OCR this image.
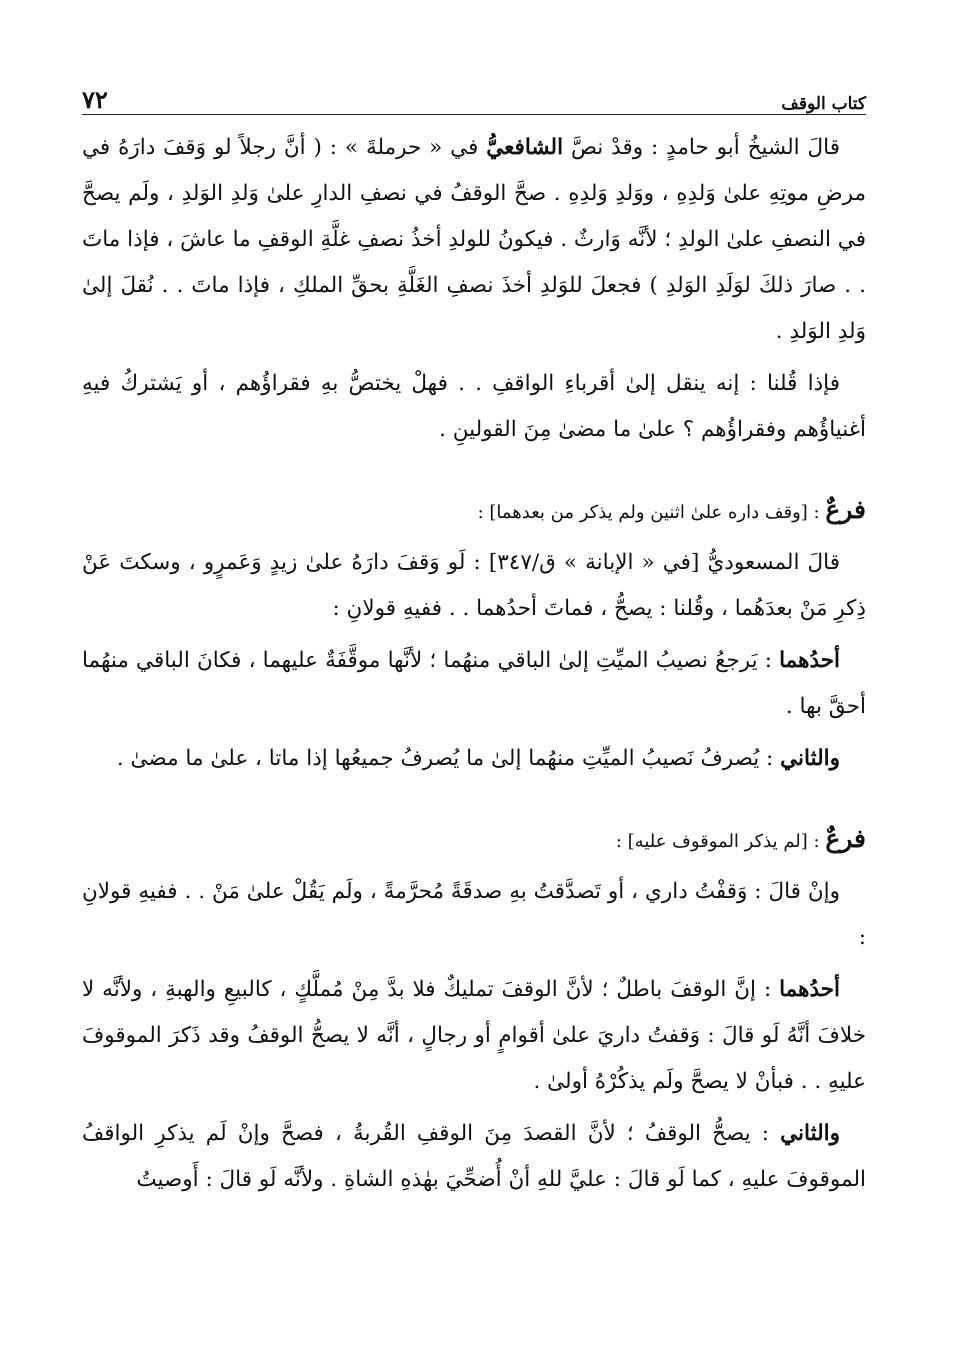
٧٢	كتاب الوقف

قالَ الشيخُ أبو حامدٍ : وقدْ نصَّ الشافعيُّ في « حرملةَ » : ( أنَّ رجلاً لو وَقفَ دارَهُ في مرضِ موتِهِ علىٰ وَلدِهِ ، ووَلدِ وَلدِهِ . صحَّ الوقفُ في نصفِ الدارِ علىٰ وَلدِ الوَلدِ ، ولَم يصحَّ في النصفِ علىٰ الولدِ ؛ لأنَّه وَارثٌ . فيكونُ للولدِ أخذُ نصفِ غلَّةِ الوقفِ ما عاشَ ، فإذا ماتَ . . صارَ ذلكَ لوَلَدِ الوَلدِ ) فجعلَ للوَلدِ أخذَ نصفِ الغَلَّةِ بحقِّ الملكِ ، فإذا ماتَ . . نُقلَ إلىٰ وَلدِ الوَلدِ .

فإذا قُلنا : إنه ينقل إلىٰ أقرباءِ الواقفِ . . فهلْ يختصُّ بهِ فقراؤُهم ، أو يَشتركُ فيهِ أغنياؤُهم وفقراؤُهم ؟ علىٰ ما مضىٰ مِنَ القولينِ .

فرعٌ : [وقف داره علىٰ اثنين ولم يذكر من بعدهما] :

قالَ المسعوديُّ [في « الإبانة » ق/٣٤٧] : لَو وَقفَ دارَهُ علىٰ زيدٍ وَعَمرٍو ، وسكتَ عَنْ ذِكرِ مَنْ بعدَهُما ، وقُلنا : يصحُّ ، فماتَ أحدُهما . . ففيهِ قولانِ :

أحدُهما : يَرجعُ نصيبُ الميِّتِ إلىٰ الباقي منهُما ؛ لأنَّها موقَّفَةٌ عليهما ، فكانَ الباقي منهُما أحقَّ بها .

والثاني : يُصرفُ نَصيبُ الميِّتِ منهُما إلىٰ ما يُصرفُ جميعُها إذا ماتا ، علىٰ ما مضىٰ .

فرعٌ : [لم يذكر الموقوف عليه] :

وإنْ قالَ : وَقفْتُ داري ، أو تَصدَّقتُ بهِ صدقَةً مُحرَّمةً ، ولَم يَقُلْ علىٰ مَنْ . . ففيهِ قولانِ :

أحدُهما : إنَّ الوقفَ باطلٌ ؛ لأنَّ الوقفَ تمليكٌ فلا بدَّ مِنْ مُملَّكٍ ، كالبيعِ والهبةِ ، ولأنَّه لا خلافَ أنَّهُ لَو قالَ : وَقفتُ داريَ علىٰ أقوامٍ أو رجالٍ ، أنَّه لا يصحُّ الوقفُ وقد ذَكرَ الموقوفَ عليهِ . . فبأنْ لا يصحَّ ولَم يذكُرْهُ أولىٰ .

والثاني : يصحُّ الوقفُ ؛ لأنَّ القصدَ مِنَ الوقفِ القُربةُ ، فصحَّ وإنْ لَم يذكرِ الواقفُ الموقوفَ عليهِ ، كما لَو قالَ : عليَّ للهِ أنْ أُضحِّيَ بهٰذهِ الشاةِ . ولأنَّه لَو قالَ : أَوصيتُ
